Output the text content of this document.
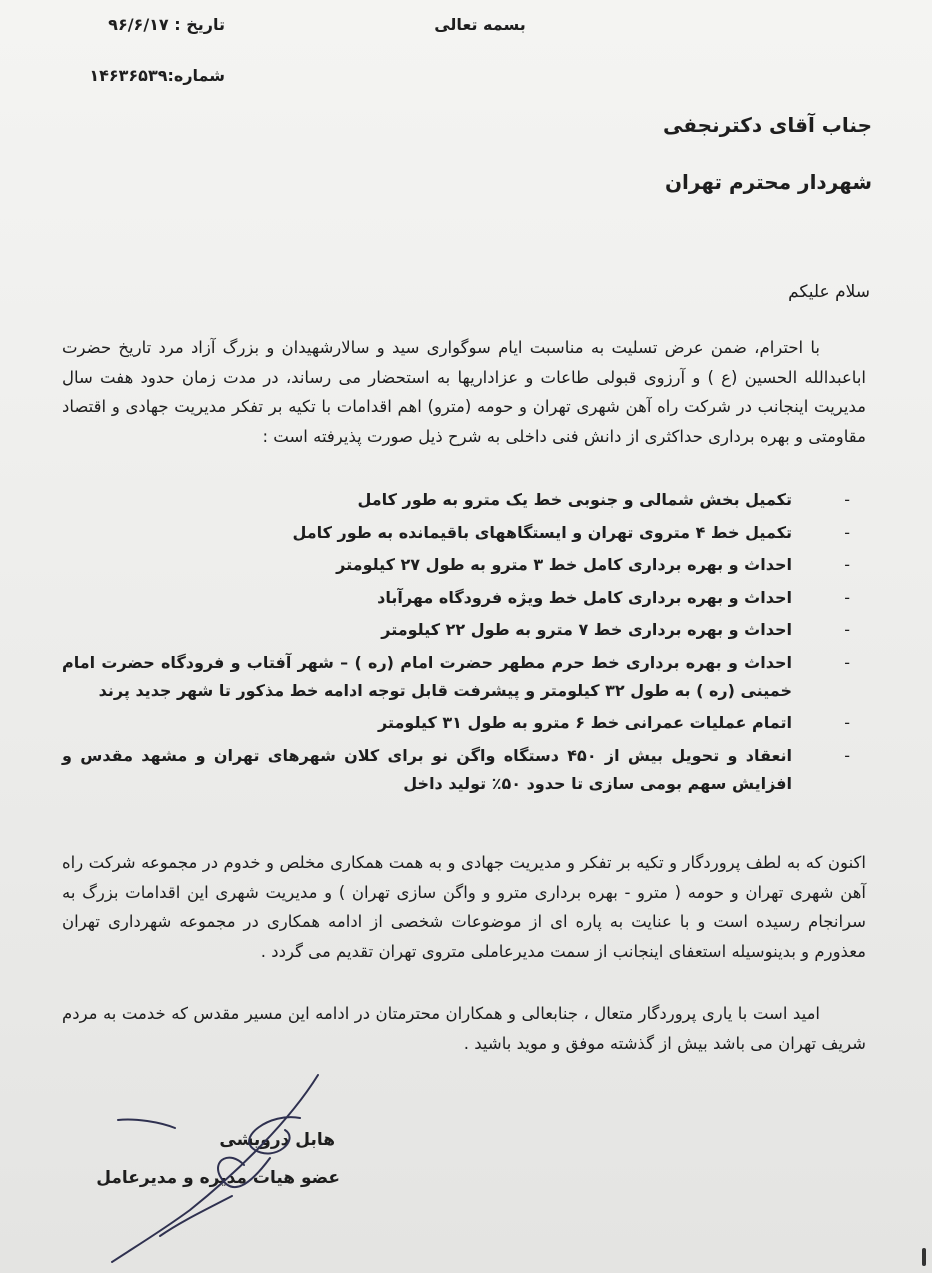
بسمه تعالی
تاریخ : ۹۶/۶/۱۷
شماره:۱۴۶۳۶۵۳۹
جناب آقای دکترنجفی
شهردار محترم تهران
سلام علیکم
با احترام، ضمن عرض تسلیت به مناسبت ایام سوگواری سید و سالارشهیدان و بزرگ آزاد مرد تاریخ حضرت اباعبدالله الحسین (ع ) و آرزوی قبولی طاعات و عزاداریها به استحضار می رساند، در مدت زمان حدود هفت سال مدیریت اینجانب در شرکت راه آهن شهری تهران و حومه (مترو) اهم اقدامات با تکیه بر تفکر مدیریت جهادی و اقتصاد مقاومتی و بهره برداری حداکثری از دانش فنی داخلی به شرح ذیل صورت پذیرفته است :
-
تکمیل بخش شمالی و جنوبی خط یک مترو به طور کامل
-
تکمیل خط ۴ متروی تهران و ایستگاههای باقیمانده به طور کامل
-
احداث و بهره برداری کامل خط ۳ مترو به طول ۲۷ کیلومتر
-
احداث و بهره برداری کامل خط ویژه فرودگاه مهرآباد
-
احداث و بهره برداری خط ۷ مترو به طول ۲۲ کیلومتر
-
احداث و بهره برداری خط حرم مطهر حضرت امام (ره ) – شهر آفتاب و فرودگاه حضرت امام خمینی (ره ) به طول ۳۲ کیلومتر و پیشرفت قابل توجه ادامه خط مذکور تا شهر جدید پرند
-
اتمام عملیات عمرانی خط ۶ مترو به طول ۳۱ کیلومتر
-
انعقاد و تحویل بیش از ۴۵۰ دستگاه واگن نو برای کلان شهرهای تهران و مشهد مقدس و افزایش سهم بومی سازی تا حدود ۵۰٪ تولید داخل
اکنون که به لطف پروردگار و تکیه بر تفکر و مدیریت جهادی و به همت همکاری مخلص و خدوم در مجموعه شرکت راه آهن شهری تهران و حومه ( مترو - بهره برداری مترو و واگن سازی تهران ) و مدیریت شهری این اقدامات بزرگ به سرانجام رسیده است و با عنایت به پاره ای از موضوعات شخصی از ادامه همکاری در مجموعه شهرداری تهران معذورم و بدینوسیله استعفای اینجانب از سمت مدیرعاملی متروی تهران تقدیم می گردد .
امید است با یاری پروردگار متعال ، جنابعالی و همکاران محترمتان در ادامه این مسیر مقدس که خدمت به مردم شریف تهران می باشد بیش از گذشته موفق و موید باشید .
هابل درویشی
عضو هیات مدیره و مدیرعامل
